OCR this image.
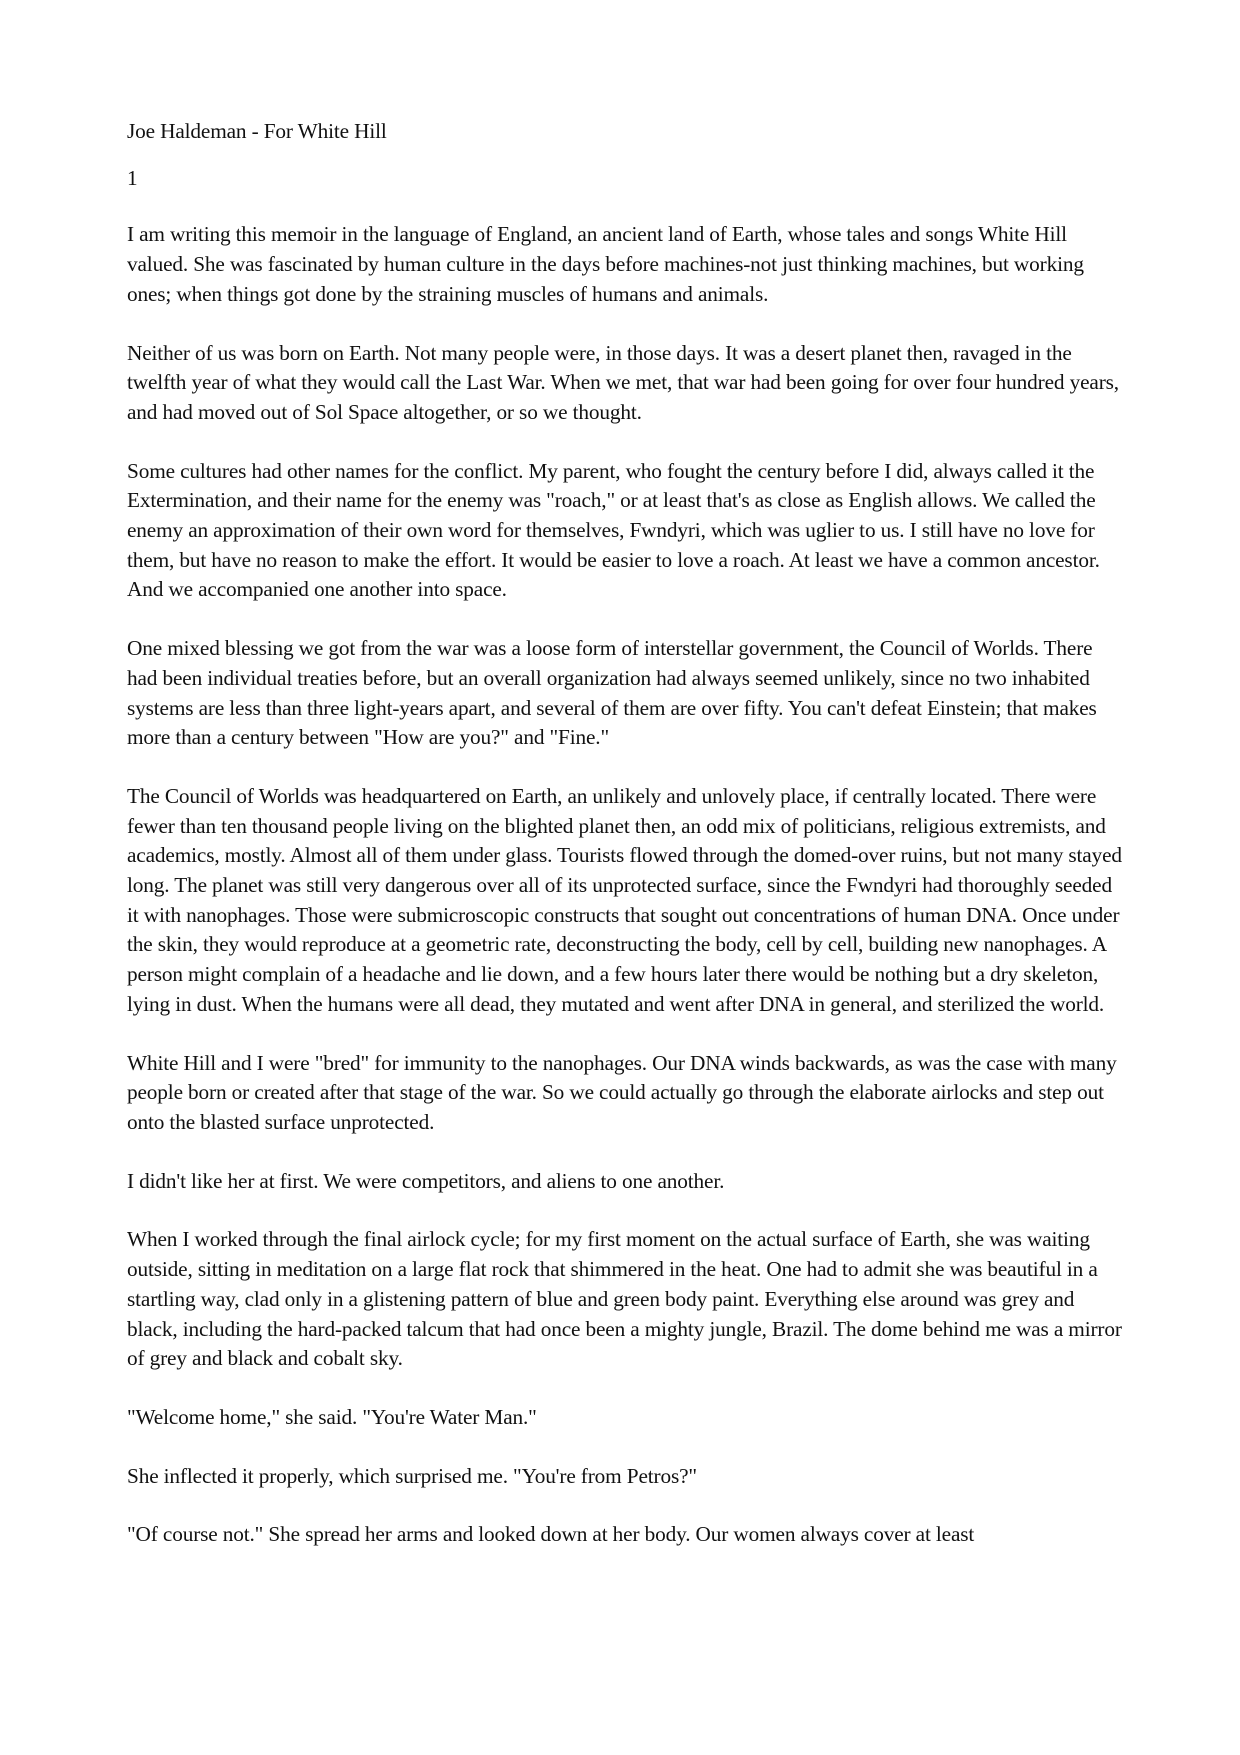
Joe Haldeman - For White Hill
1

I am writing this memoir in the language of England, an ancient land of Earth, whose tales and songs White Hill valued. She was fascinated by human culture in the days before machines-not just thinking machines, but working ones; when things got done by the straining muscles of humans and animals.

Neither of us was born on Earth. Not many people were, in those days. It was a desert planet then, ravaged in the twelfth year of what they would call the Last War. When we met, that war had been going for over four hundred years, and had moved out of Sol Space altogether, or so we thought.

Some cultures had other names for the conflict. My parent, who fought the century before I did, always called it the Extermination, and their name for the enemy was "roach," or at least that's as close as English allows. We called the enemy an approximation of their own word for themselves, Fwndyri, which was uglier to us. I still have no love for them, but have no reason to make the effort. It would be easier to love a roach. At least we have a common ancestor. And we accompanied one another into space.

One mixed blessing we got from the war was a loose form of interstellar government, the Council of Worlds. There had been individual treaties before, but an overall organization had always seemed unlikely, since no two inhabited systems are less than three light-years apart, and several of them are over fifty. You can't defeat Einstein; that makes more than a century between "How are you?" and "Fine."

The Council of Worlds was headquartered on Earth, an unlikely and unlovely place, if centrally located. There were fewer than ten thousand people living on the blighted planet then, an odd mix of politicians, religious extremists, and academics, mostly. Almost all of them under glass. Tourists flowed through the domed-over ruins, but not many stayed long. The planet was still very dangerous over all of its unprotected surface, since the Fwndyri had thoroughly seeded it with nanophages. Those were submicroscopic constructs that sought out concentrations of human DNA. Once under the skin, they would reproduce at a geometric rate, deconstructing the body, cell by cell, building new nanophages. A person might complain of a headache and lie down, and a few hours later there would be nothing but a dry skeleton, lying in dust. When the humans were all dead, they mutated and went after DNA in general, and sterilized the world.

White Hill and I were "bred" for immunity to the nanophages. Our DNA winds backwards, as was the case with many people born or created after that stage of the war. So we could actually go through the elaborate airlocks and step out onto the blasted surface unprotected.

I didn't like her at first. We were competitors, and aliens to one another.

When I worked through the final airlock cycle; for my first moment on the actual surface of Earth, she was waiting outside, sitting in meditation on a large flat rock that shimmered in the heat. One had to admit she was beautiful in a startling way, clad only in a glistening pattern of blue and green body paint. Everything else around was grey and black, including the hard-packed talcum that had once been a mighty jungle, Brazil. The dome behind me was a mirror of grey and black and cobalt sky.

"Welcome home," she said. "You're Water Man."

She inflected it properly, which surprised me. "You're from Petros?"

"Of course not." She spread her arms and looked down at her body. Our women always cover at least
